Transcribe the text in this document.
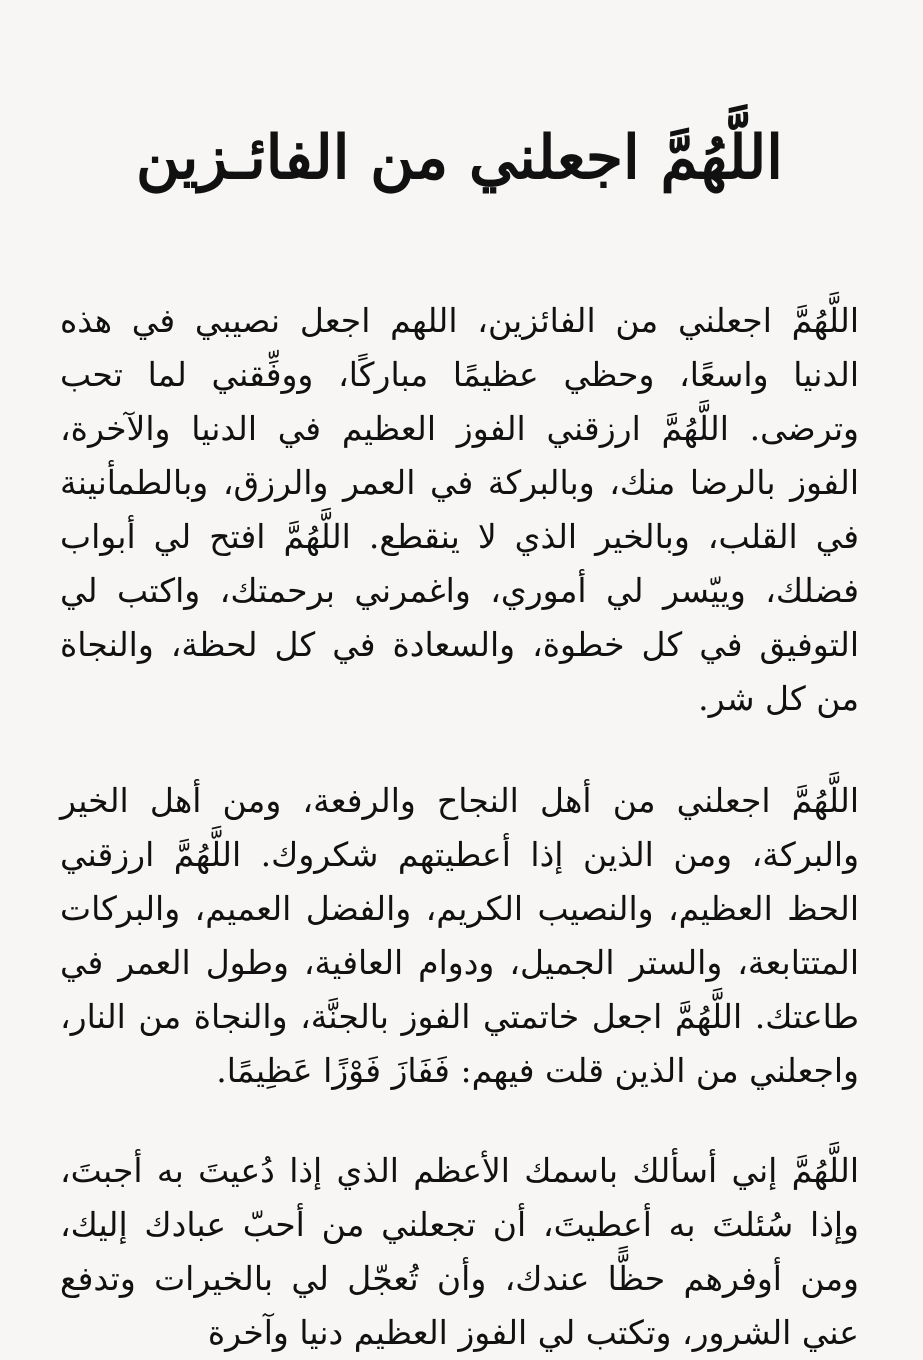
اللَّهُمَّ اجعلني من الفائـزين

اللَّهُمَّ اجعلني من الفائزين، اللهم اجعل نصيبي في هذه الدنيا واسعًا، وحظي عظيمًا مباركًا، ووفِّقني لما تحب وترضى. اللَّهُمَّ ارزقني الفوز العظيم في الدنيا والآخرة، الفوز بالرضا منك، وبالبركة في العمر والرزق، وبالطمأنينة في القلب، وبالخير الذي لا ينقطع. اللَّهُمَّ افتح لي أبواب فضلك، وييّسر لي أموري، واغمرني برحمتك، واكتب لي التوفيق في كل خطوة، والسعادة في كل لحظة، والنجاة من كل شر.

اللَّهُمَّ اجعلني من أهل النجاح والرفعة، ومن أهل الخير والبركة، ومن الذين إذا أعطيتهم شكروك. اللَّهُمَّ ارزقني الحظ العظيم، والنصيب الكريم، والفضل العميم، والبركات المتتابعة، والستر الجميل، ودوام العافية، وطول العمر في طاعتك. اللَّهُمَّ اجعل خاتمتي الفوز بالجنَّة، والنجاة من النار، واجعلني من الذين قلت فيهم: فَفَازَ فَوْزًا عَظِيمًا.

اللَّهُمَّ إني أسألك باسمك الأعظم الذي إذا دُعيتَ به أجبتَ، وإذا سُئلتَ به أعطيتَ، أن تجعلني من أحبّ عبادك إليك، ومن أوفرهم حظًّا عندك، وأن تُعجّل لي بالخيرات وتدفع عني الشرور، وتكتب لي الفوز العظيم دنيا وآخرة
